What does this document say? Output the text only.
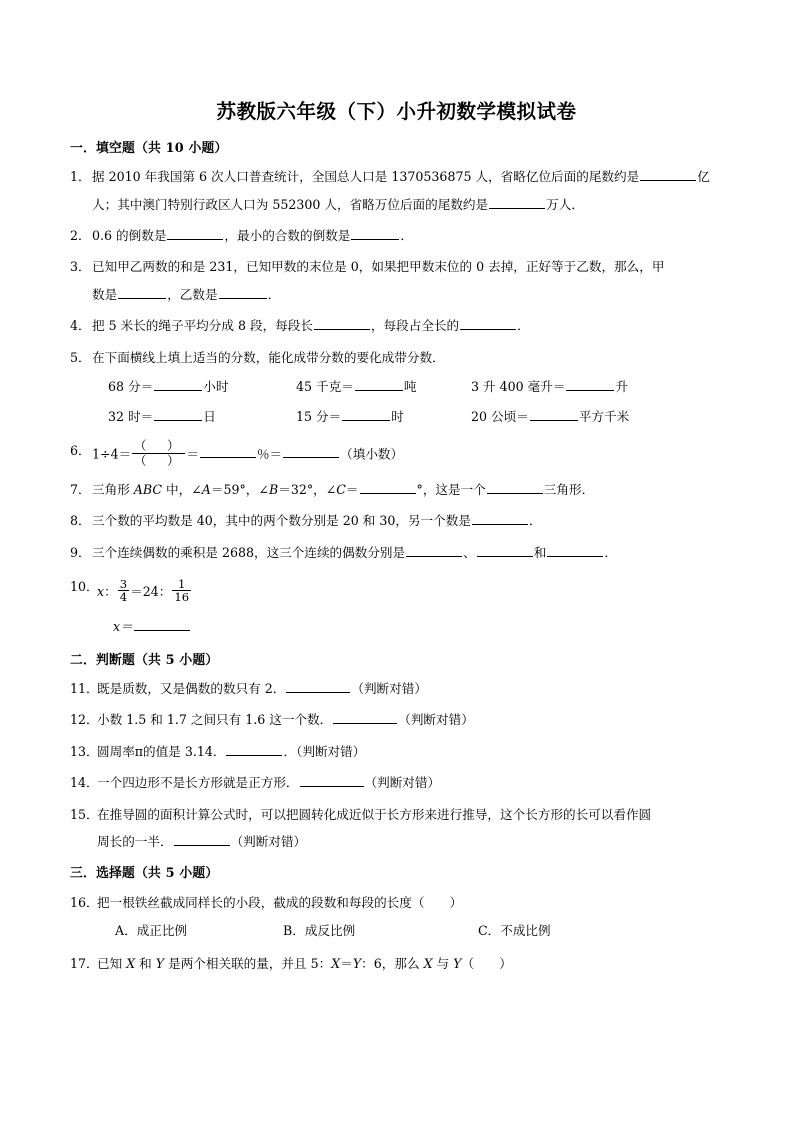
苏教版六年级（下）小升初数学模拟试卷
一．填空题（共 10 小题）
1． 据 2010 年我国第 6 次人口普查统计，全国总人口是 1370536875 人，省略亿位后面的尾数约是	亿

人；其中澳门特别行政区人口为 552300 人，省略万位后面的尾数约是	万人．

2． 0.6 的倒数是	，最小的合数的倒数是	．

3． 已知甲乙两数的和是 231，已知甲数的末位是 0，如果把甲数末位的 0 去掉，正好等于乙数，那么，甲

数是	，乙数是	．

4． 把 5 米长的绳子平均分成 8 段，每段长	，每段占全长的	．

5． 在下面横线上填上适当的分数，能化成带分数的要化成带分数．

68 分＝	小时	45 千克＝	吨	3 升 400 毫升＝	升
32 时＝	日	15 分＝	时	20 公顷＝	平方千米
6． $1\div 4= \frac{( )}{( )}$ ＝	％＝	（填小数）

7． 三角形 ABC 中，∠A＝59°，∠B＝32°，∠C＝	°，这是一个	三角形．

8． 三个数的平均数是 40，其中的两个数分别是 20 和 30，另一个数是	．

9． 三个连续偶数的乘积是 2688，这三个连续的偶数分别是	、	和	．

10．

x： $\frac{3}{4} =24$： $\frac{1}{16}$

x＝
二．判断题（共 5 小题）
11．

既是质数，又是偶数的数只有 2．	（判断对错）

12．

小数 1.5 和 1.7 之间只有 1.6 这一个数．	（判断对错）

13．

圆周率π的值是 3.14．	．（判断对错）

14．

一个四边形不是长方形就是正方形．	（判断对错）

15．

在推导圆的面积计算公式时，可以把圆转化成近似于长方形来进行推导，这个长方形的长可以看作圆

周长的一半．	（判断对错）

三．选择题（共 5 小题）
16．

把一根铁丝截成同样长的小段，截成的段数和每段的长度（　　）

A．成正比例	B．成反比例	C．不成比例
17．

已知 X 和 Y 是两个相关联的量，并且 5：X＝Y：6，那么 X 与 Y（　　）
